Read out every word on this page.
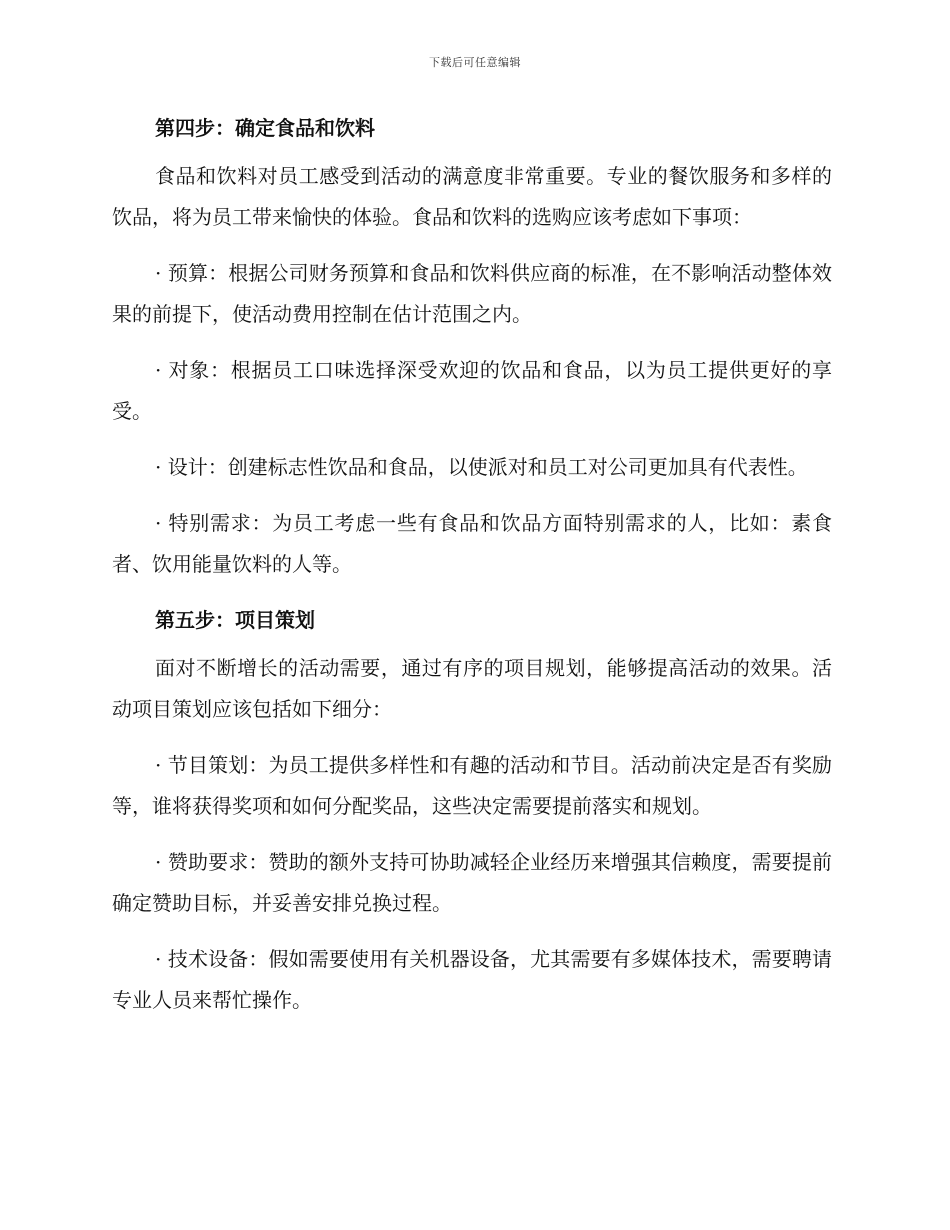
下载后可任意编辑
第四步：确定食品和饮料

食品和饮料对员工感受到活动的满意度非常重要。专业的餐饮服务和多样的饮品，将为员工带来愉快的体验。食品和饮料的选购应该考虑如下事项：

· 预算：根据公司财务预算和食品和饮料供应商的标准，在不影响活动整体效果的前提下，使活动费用控制在估计范围之内。

· 对象：根据员工口味选择深受欢迎的饮品和食品，以为员工提供更好的享受。

· 设计：创建标志性饮品和食品，以使派对和员工对公司更加具有代表性。

· 特别需求：为员工考虑一些有食品和饮品方面特别需求的人，比如：素食者、饮用能量饮料的人等。

第五步：项目策划

面对不断增长的活动需要，通过有序的项目规划，能够提高活动的效果。活动项目策划应该包括如下细分：

· 节目策划：为员工提供多样性和有趣的活动和节目。活动前决定是否有奖励等，谁将获得奖项和如何分配奖品，这些决定需要提前落实和规划。

· 赞助要求：赞助的额外支持可协助减轻企业经历来增强其信赖度，需要提前确定赞助目标，并妥善安排兑换过程。

· 技术设备：假如需要使用有关机器设备，尤其需要有多媒体技术，需要聘请专业人员来帮忙操作。
